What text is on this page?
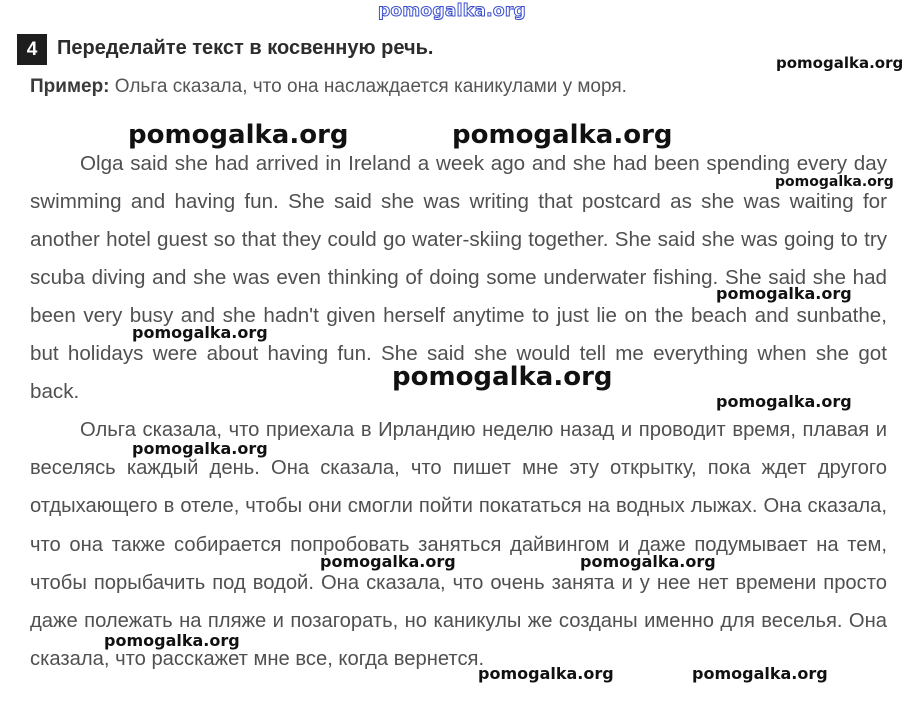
pomogalka.org
4 Переделайте текст в косвенную речь.
Пример: Ольга сказала, что она наслаждается каникулами у моря.

Olga said she had arrived in Ireland a week ago and she had been spending every day swimming and having fun. She said she was writing that postcard as she was waiting for another hotel guest so that they could go water-skiing together. She said she was going to try scuba diving and she was even thinking of doing some underwater fishing. She said she had been very busy and she hadn't given herself anytime to just lie on the beach and sunbathe, but holidays were about having fun. She said she would tell me everything when she got back.

Ольга сказала, что приехала в Ирландию неделю назад и проводит время, плавая и веселясь каждый день. Она сказала, что пишет мне эту открытку, пока ждет другого отдыхающего в отеле, чтобы они смогли пойти покататься на водных лыжах. Она сказала, что она также собирается попробовать заняться дайвингом и даже подумывает на тем, чтобы порыбачить под водой. Она сказала, что очень занята и у нее нет времени просто даже полежать на пляже и позагорать, но каникулы же созданы именно для веселья. Она сказала, что расскажет мне все, когда вернется.

pomogalka.org
pomogalka.org	pomogalka.org
pomogalka.org
pomogalka.org
pomogalka.org
pomogalka.org
pomogalka.org
pomogalka.org
pomogalka.org	pomogalka.org
pomogalka.org
pomogalka.org	pomogalka.org
